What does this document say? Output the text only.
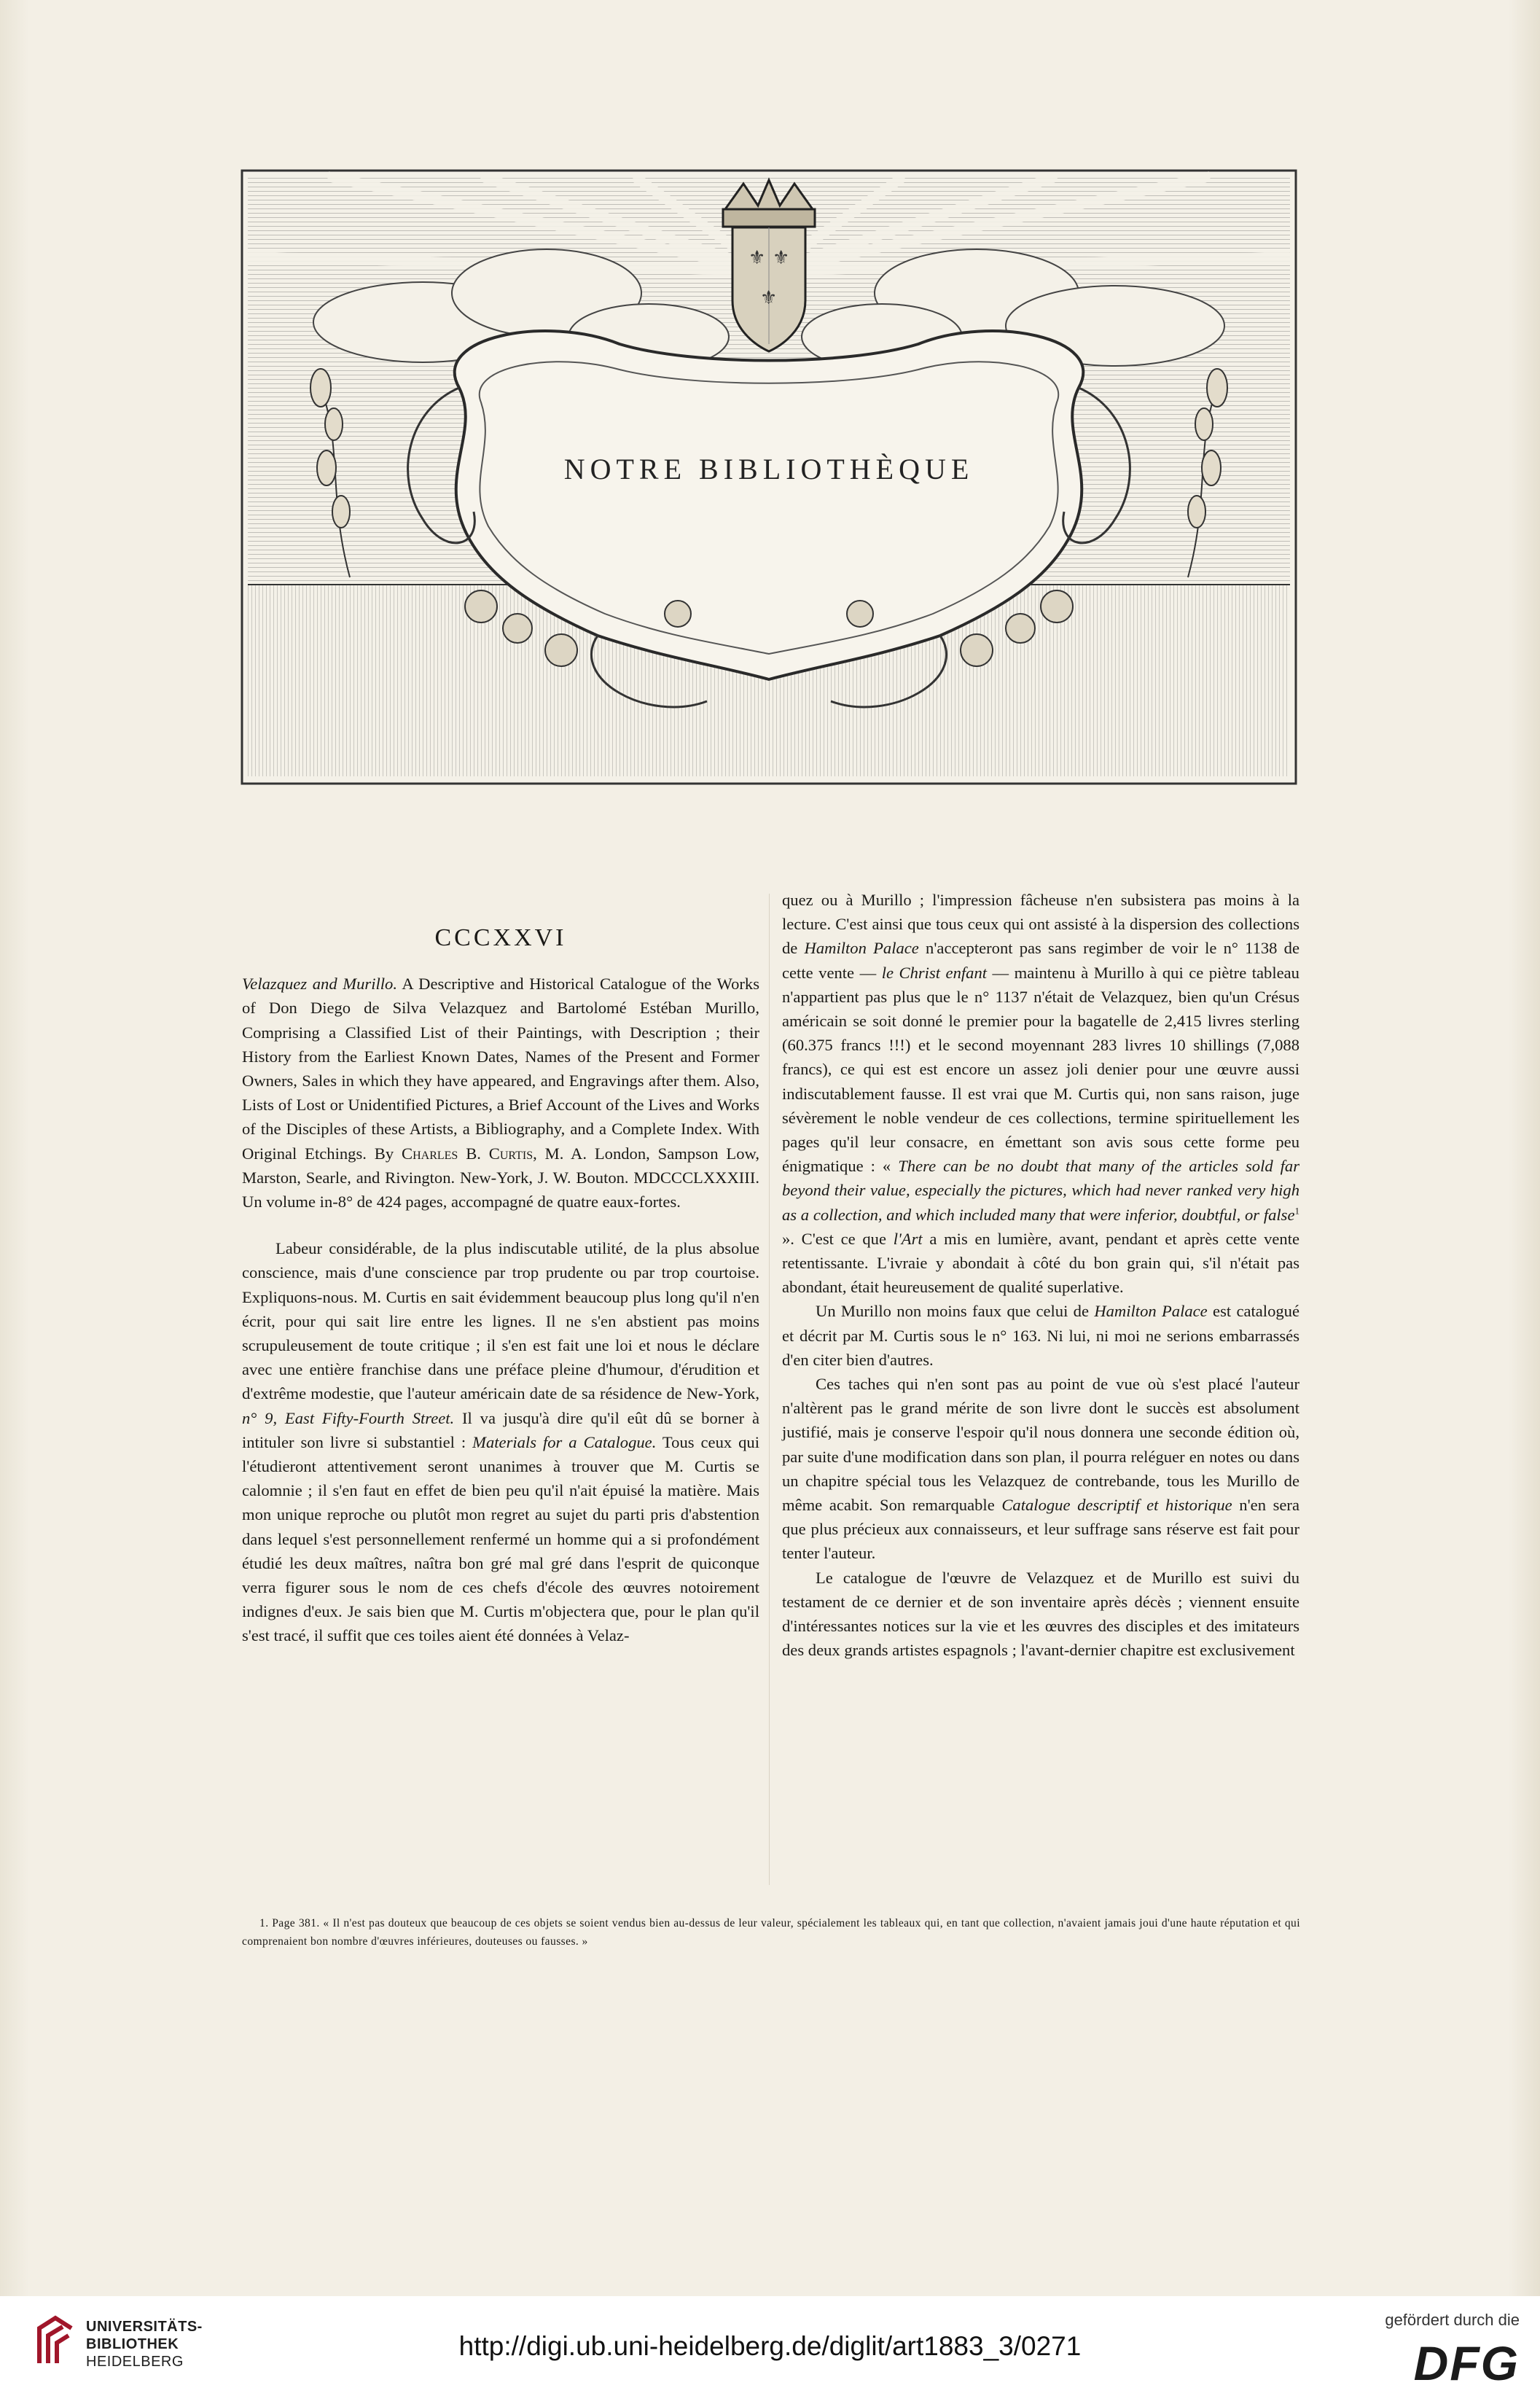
⚜ ⚜
⚜
NOTRE BIBLIOTHÈQUE

CCCXXVI

Velazquez and Murillo. A Descriptive and Historical Catalogue of the Works of Don Diego de Silva Velazquez and Bartolomé Estéban Murillo, Comprising a Classified List of their Paintings, with Description ; their History from the Earliest Known Dates, Names of the Present and Former Owners, Sales in which they have appeared, and Engravings after them. Also, Lists of Lost or Unidentified Pictures, a Brief Account of the Lives and Works of the Disciples of these Artists, a Bibliography, and a Complete Index. With Original Etchings. By Charles B. Curtis, M. A. London, Sampson Low, Marston, Searle, and Rivington. New-York, J. W. Bouton. MDCCCLXXXIII. Un volume in-8° de 424 pages, accompagné de quatre eaux-fortes.

Labeur considérable, de la plus indiscutable utilité, de la plus absolue conscience, mais d'une conscience par trop prudente ou par trop courtoise. Expliquons-nous. M. Curtis en sait évidemment beaucoup plus long qu'il n'en écrit, pour qui sait lire entre les lignes. Il ne s'en abstient pas moins scrupuleusement de toute critique ; il s'en est fait une loi et nous le déclare avec une entière franchise dans une préface pleine d'humour, d'érudition et d'extrême modestie, que l'auteur américain date de sa résidence de New-York, n° 9, East Fifty-Fourth Street. Il va jusqu'à dire qu'il eût dû se borner à intituler son livre si substantiel : Materials for a Catalogue. Tous ceux qui l'étudieront attentivement seront unanimes à trouver que M. Curtis se calomnie ; il s'en faut en effet de bien peu qu'il n'ait épuisé la matière. Mais mon unique reproche ou plutôt mon regret au sujet du parti pris d'abstention dans lequel s'est personnellement renfermé un homme qui a si profondément étudié les deux maîtres, naîtra bon gré mal gré dans l'esprit de quiconque verra figurer sous le nom de ces chefs d'école des œuvres notoirement indignes d'eux. Je sais bien que M. Curtis m'objectera que, pour le plan qu'il s'est tracé, il suffit que ces toiles aient été données à Velaz-

quez ou à Murillo ; l'impression fâcheuse n'en subsistera pas moins à la lecture. C'est ainsi que tous ceux qui ont assisté à la dispersion des collections de Hamilton Palace n'accepteront pas sans regimber de voir le n° 1138 de cette vente — le Christ enfant — maintenu à Murillo à qui ce piètre tableau n'appartient pas plus que le n° 1137 n'était de Velazquez, bien qu'un Crésus américain se soit donné le premier pour la bagatelle de 2,415 livres sterling (60.375 francs !!!) et le second moyennant 283 livres 10 shillings (7,088 francs), ce qui est est encore un assez joli denier pour une œuvre aussi indiscutablement fausse. Il est vrai que M. Curtis qui, non sans raison, juge sévèrement le noble vendeur de ces collections, termine spirituellement les pages qu'il leur consacre, en émettant son avis sous cette forme peu énigmatique : « There can be no doubt that many of the articles sold far beyond their value, especially the pictures, which had never ranked very high as a collection, and which included many that were inferior, doubtful, or false$^1$ ». C'est ce que l'Art a mis en lumière, avant, pendant et après cette vente retentissante. L'ivraie y abondait à côté du bon grain qui, s'il n'était pas abondant, était heureusement de qualité superlative.

Un Murillo non moins faux que celui de Hamilton Palace est catalogué et décrit par M. Curtis sous le n° 163. Ni lui, ni moi ne serions embarrassés d'en citer bien d'autres.

Ces taches qui n'en sont pas au point de vue où s'est placé l'auteur n'altèrent pas le grand mérite de son livre dont le succès est absolument justifié, mais je conserve l'espoir qu'il nous donnera une seconde édition où, par suite d'une modification dans son plan, il pourra reléguer en notes ou dans un chapitre spécial tous les Velazquez de contrebande, tous les Murillo de même acabit. Son remarquable Catalogue descriptif et historique n'en sera que plus précieux aux connaisseurs, et leur suffrage sans réserve est fait pour tenter l'auteur.

Le catalogue de l'œuvre de Velazquez et de Murillo est suivi du testament de ce dernier et de son inventaire après décès ; viennent ensuite d'intéressantes notices sur la vie et les œuvres des disciples et des imitateurs des deux grands artistes espagnols ; l'avant-dernier chapitre est exclusivement

1. Page 381. « Il n'est pas douteux que beaucoup de ces objets se soient vendus bien au-dessus de leur valeur, spécialement les tableaux qui, en tant que collection, n'avaient jamais joui d'une haute réputation et qui comprenaient bon nombre d'œuvres inférieures, douteuses ou fausses. »

UNIVERSITÄTS-
BIBLIOTHEK
HEIDELBERG
http://digi.ub.uni-heidelberg.de/diglit/art1883_3/0271
gefördert durch die
DFG
